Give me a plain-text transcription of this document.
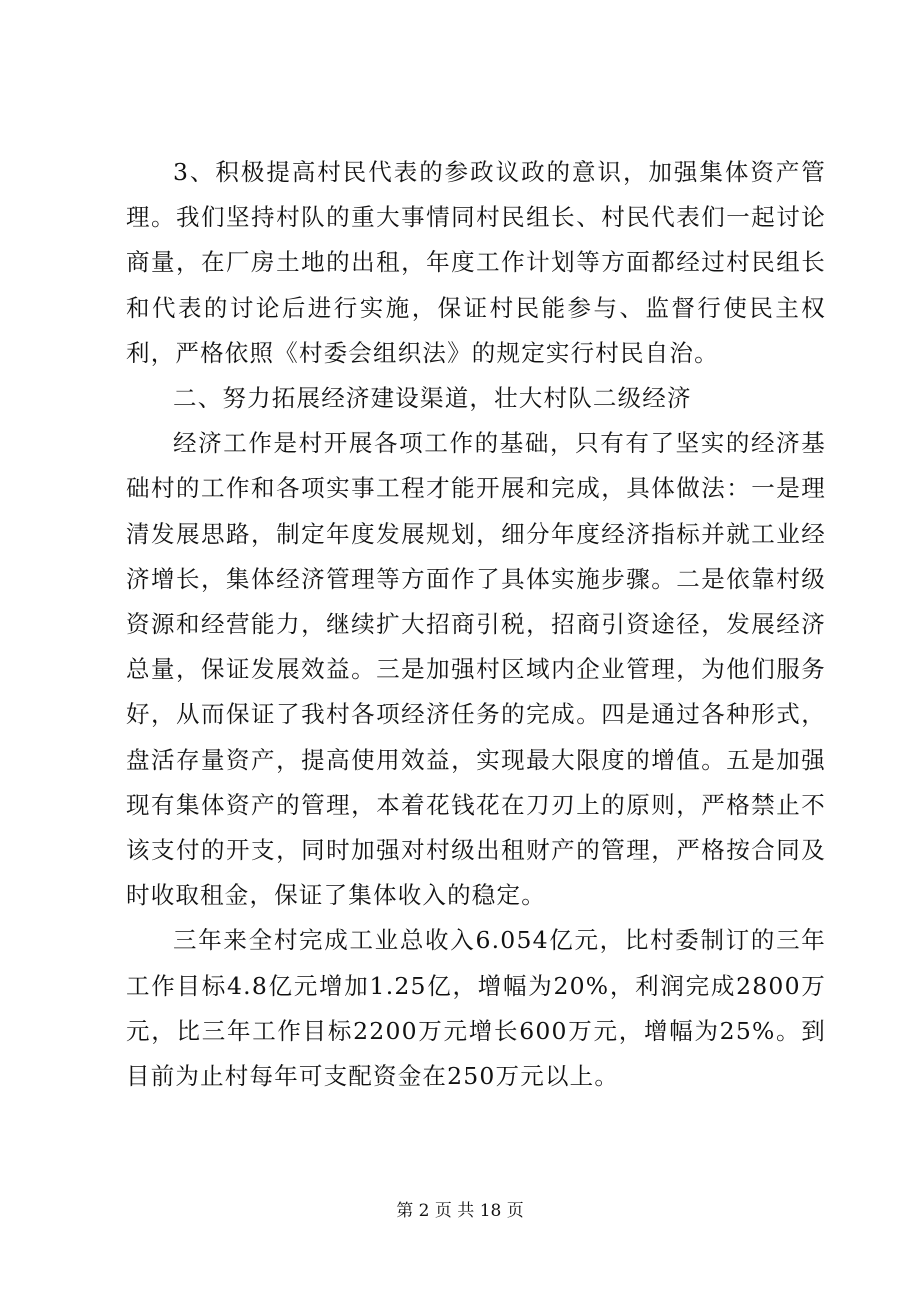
3、积极提高村民代表的参政议政的意识，加强集体资产管理。我们坚持村队的重大事情同村民组长、村民代表们一起讨论商量，在厂房土地的出租，年度工作计划等方面都经过村民组长和代表的讨论后进行实施，保证村民能参与、监督行使民主权利，严格依照《村委会组织法》的规定实行村民自治。

二、努力拓展经济建设渠道，壮大村队二级经济

经济工作是村开展各项工作的基础，只有有了坚实的经济基础村的工作和各项实事工程才能开展和完成，具体做法：一是理清发展思路，制定年度发展规划，细分年度经济指标并就工业经济增长，集体经济管理等方面作了具体实施步骤。二是依靠村级资源和经营能力，继续扩大招商引税，招商引资途径，发展经济总量，保证发展效益。三是加强村区域内企业管理，为他们服务好，从而保证了我村各项经济任务的完成。四是通过各种形式，盘活存量资产，提高使用效益，实现最大限度的增值。五是加强现有集体资产的管理，本着花钱花在刀刃上的原则，严格禁止不该支付的开支，同时加强对村级出租财产的管理，严格按合同及时收取租金，保证了集体收入的稳定。

三年来全村完成工业总收入6.054亿元，比村委制订的三年工作目标4.8亿元增加1.25亿，增幅为20%，利润完成2800万元，比三年工作目标2200万元增长600万元，增幅为25%。到目前为止村每年可支配资金在250万元以上。

第 2 页 共 18 页
